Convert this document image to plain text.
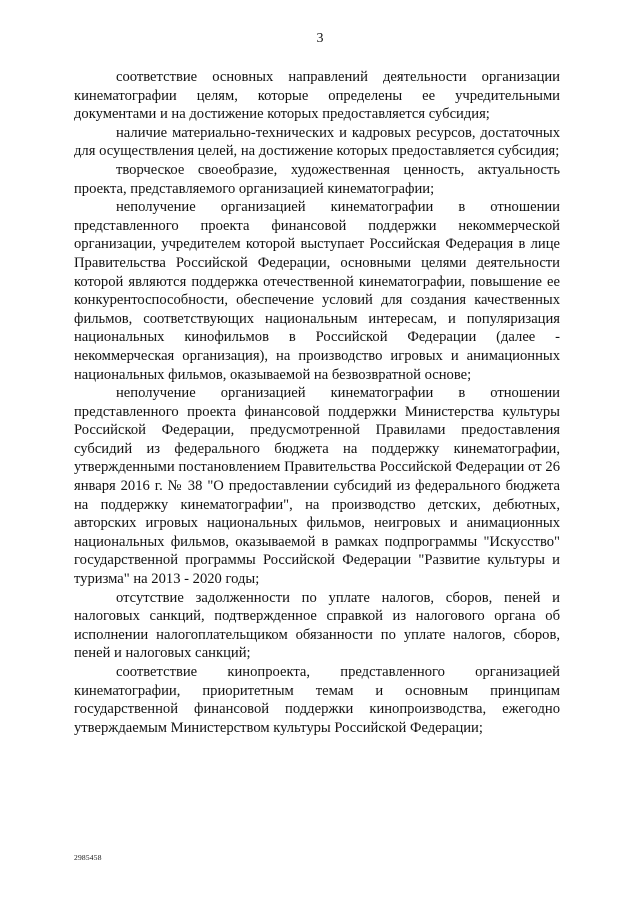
3

соответствие основных направлений деятельности организации кинематографии целям, которые определены ее учредительными документами и на достижение которых предоставляется субсидия;

наличие материально-технических и кадровых ресурсов, достаточных для осуществления целей, на достижение которых предоставляется субсидия;

творческое своеобразие, художественная ценность, актуальность проекта, представляемого организацией кинематографии;

неполучение организацией кинематографии в отношении представленного проекта финансовой поддержки некоммерческой организации, учредителем которой выступает Российская Федерация в лице Правительства Российской Федерации, основными целями деятельности которой являются поддержка отечественной кинематографии, повышение ее конкурентоспособности, обеспечение условий для создания качественных фильмов, соответствующих национальным интересам, и популяризация национальных кинофильмов в Российской Федерации (далее - некоммерческая организация), на производство игровых и анимационных национальных фильмов, оказываемой на безвозвратной основе;

неполучение организацией кинематографии в отношении представленного проекта финансовой поддержки Министерства культуры Российской Федерации, предусмотренной Правилами предоставления субсидий из федерального бюджета на поддержку кинематографии, утвержденными постановлением Правительства Российской Федерации от 26 января 2016 г. № 38 "О предоставлении субсидий из федерального бюджета на поддержку кинематографии", на производство детских, дебютных, авторских игровых национальных фильмов, неигровых и анимационных национальных фильмов, оказываемой в рамках подпрограммы "Искусство" государственной программы Российской Федерации "Развитие культуры и туризма" на 2013 - 2020 годы;

отсутствие задолженности по уплате налогов, сборов, пеней и налоговых санкций, подтвержденное справкой из налогового органа об исполнении налогоплательщиком обязанности по уплате налогов, сборов, пеней и налоговых санкций;

соответствие кинопроекта, представленного организацией кинематографии, приоритетным темам и основным принципам государственной финансовой поддержки кинопроизводства, ежегодно утверждаемым Министерством культуры Российской Федерации;

2985458
